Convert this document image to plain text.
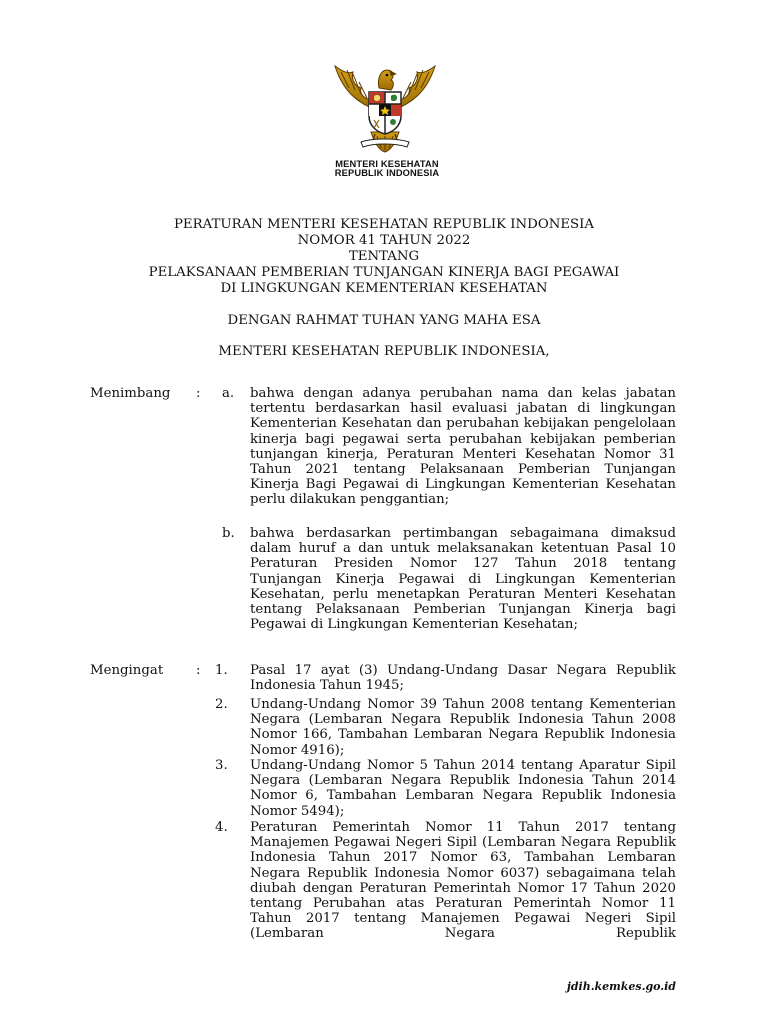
MENTERI KESEHATAN
REPUBLIK INDONESIA
PERATURAN MENTERI KESEHATAN REPUBLIK INDONESIA
NOMOR 41 TAHUN 2022
TENTANG
PELAKSANAAN PEMBERIAN TUNJANGAN KINERJA BAGI PEGAWAI
DI LINGKUNGAN KEMENTERIAN KESEHATAN
DENGAN RAHMAT TUHAN YANG MAHA ESA
MENTERI KESEHATAN REPUBLIK INDONESIA,
Menimbang : a. bahwa dengan adanya perubahan nama dan kelas jabatan tertentu berdasarkan hasil evaluasi jabatan di lingkungan Kementerian Kesehatan dan perubahan kebijakan pengelolaan kinerja bagi pegawai serta perubahan kebijakan pemberian tunjangan kinerja, Peraturan Menteri Kesehatan Nomor 31 Tahun 2021 tentang Pelaksanaan Pemberian Tunjangan Kinerja Bagi Pegawai di Lingkungan Kementerian Kesehatan perlu dilakukan penggantian;
b. bahwa berdasarkan pertimbangan sebagaimana dimaksud dalam huruf a dan untuk melaksanakan ketentuan Pasal 10 Peraturan Presiden Nomor 127 Tahun 2018 tentang Tunjangan Kinerja Pegawai di Lingkungan Kementerian Kesehatan, perlu menetapkan Peraturan Menteri Kesehatan tentang Pelaksanaan Pemberian Tunjangan Kinerja bagi Pegawai di Lingkungan Kementerian Kesehatan;
Mengingat : 1. Pasal 17 ayat (3) Undang-Undang Dasar Negara Republik Indonesia Tahun 1945;
2. Undang-Undang Nomor 39 Tahun 2008 tentang Kementerian Negara (Lembaran Negara Republik Indonesia Tahun 2008 Nomor 166, Tambahan Lembaran Negara Republik Indonesia Nomor 4916);
3. Undang-Undang Nomor 5 Tahun 2014 tentang Aparatur Sipil Negara (Lembaran Negara Republik Indonesia Tahun 2014 Nomor 6, Tambahan Lembaran Negara Republik Indonesia Nomor 5494);
4. Peraturan Pemerintah Nomor 11 Tahun 2017 tentang Manajemen Pegawai Negeri Sipil (Lembaran Negara Republik Indonesia Tahun 2017 Nomor 63, Tambahan Lembaran Negara Republik Indonesia Nomor 6037) sebagaimana telah diubah dengan Peraturan Pemerintah Nomor 17 Tahun 2020 tentang Perubahan atas Peraturan Pemerintah Nomor 11 Tahun 2017 tentang Manajemen Pegawai Negeri Sipil (Lembaran Negara Republik
jdih.kemkes.go.id
